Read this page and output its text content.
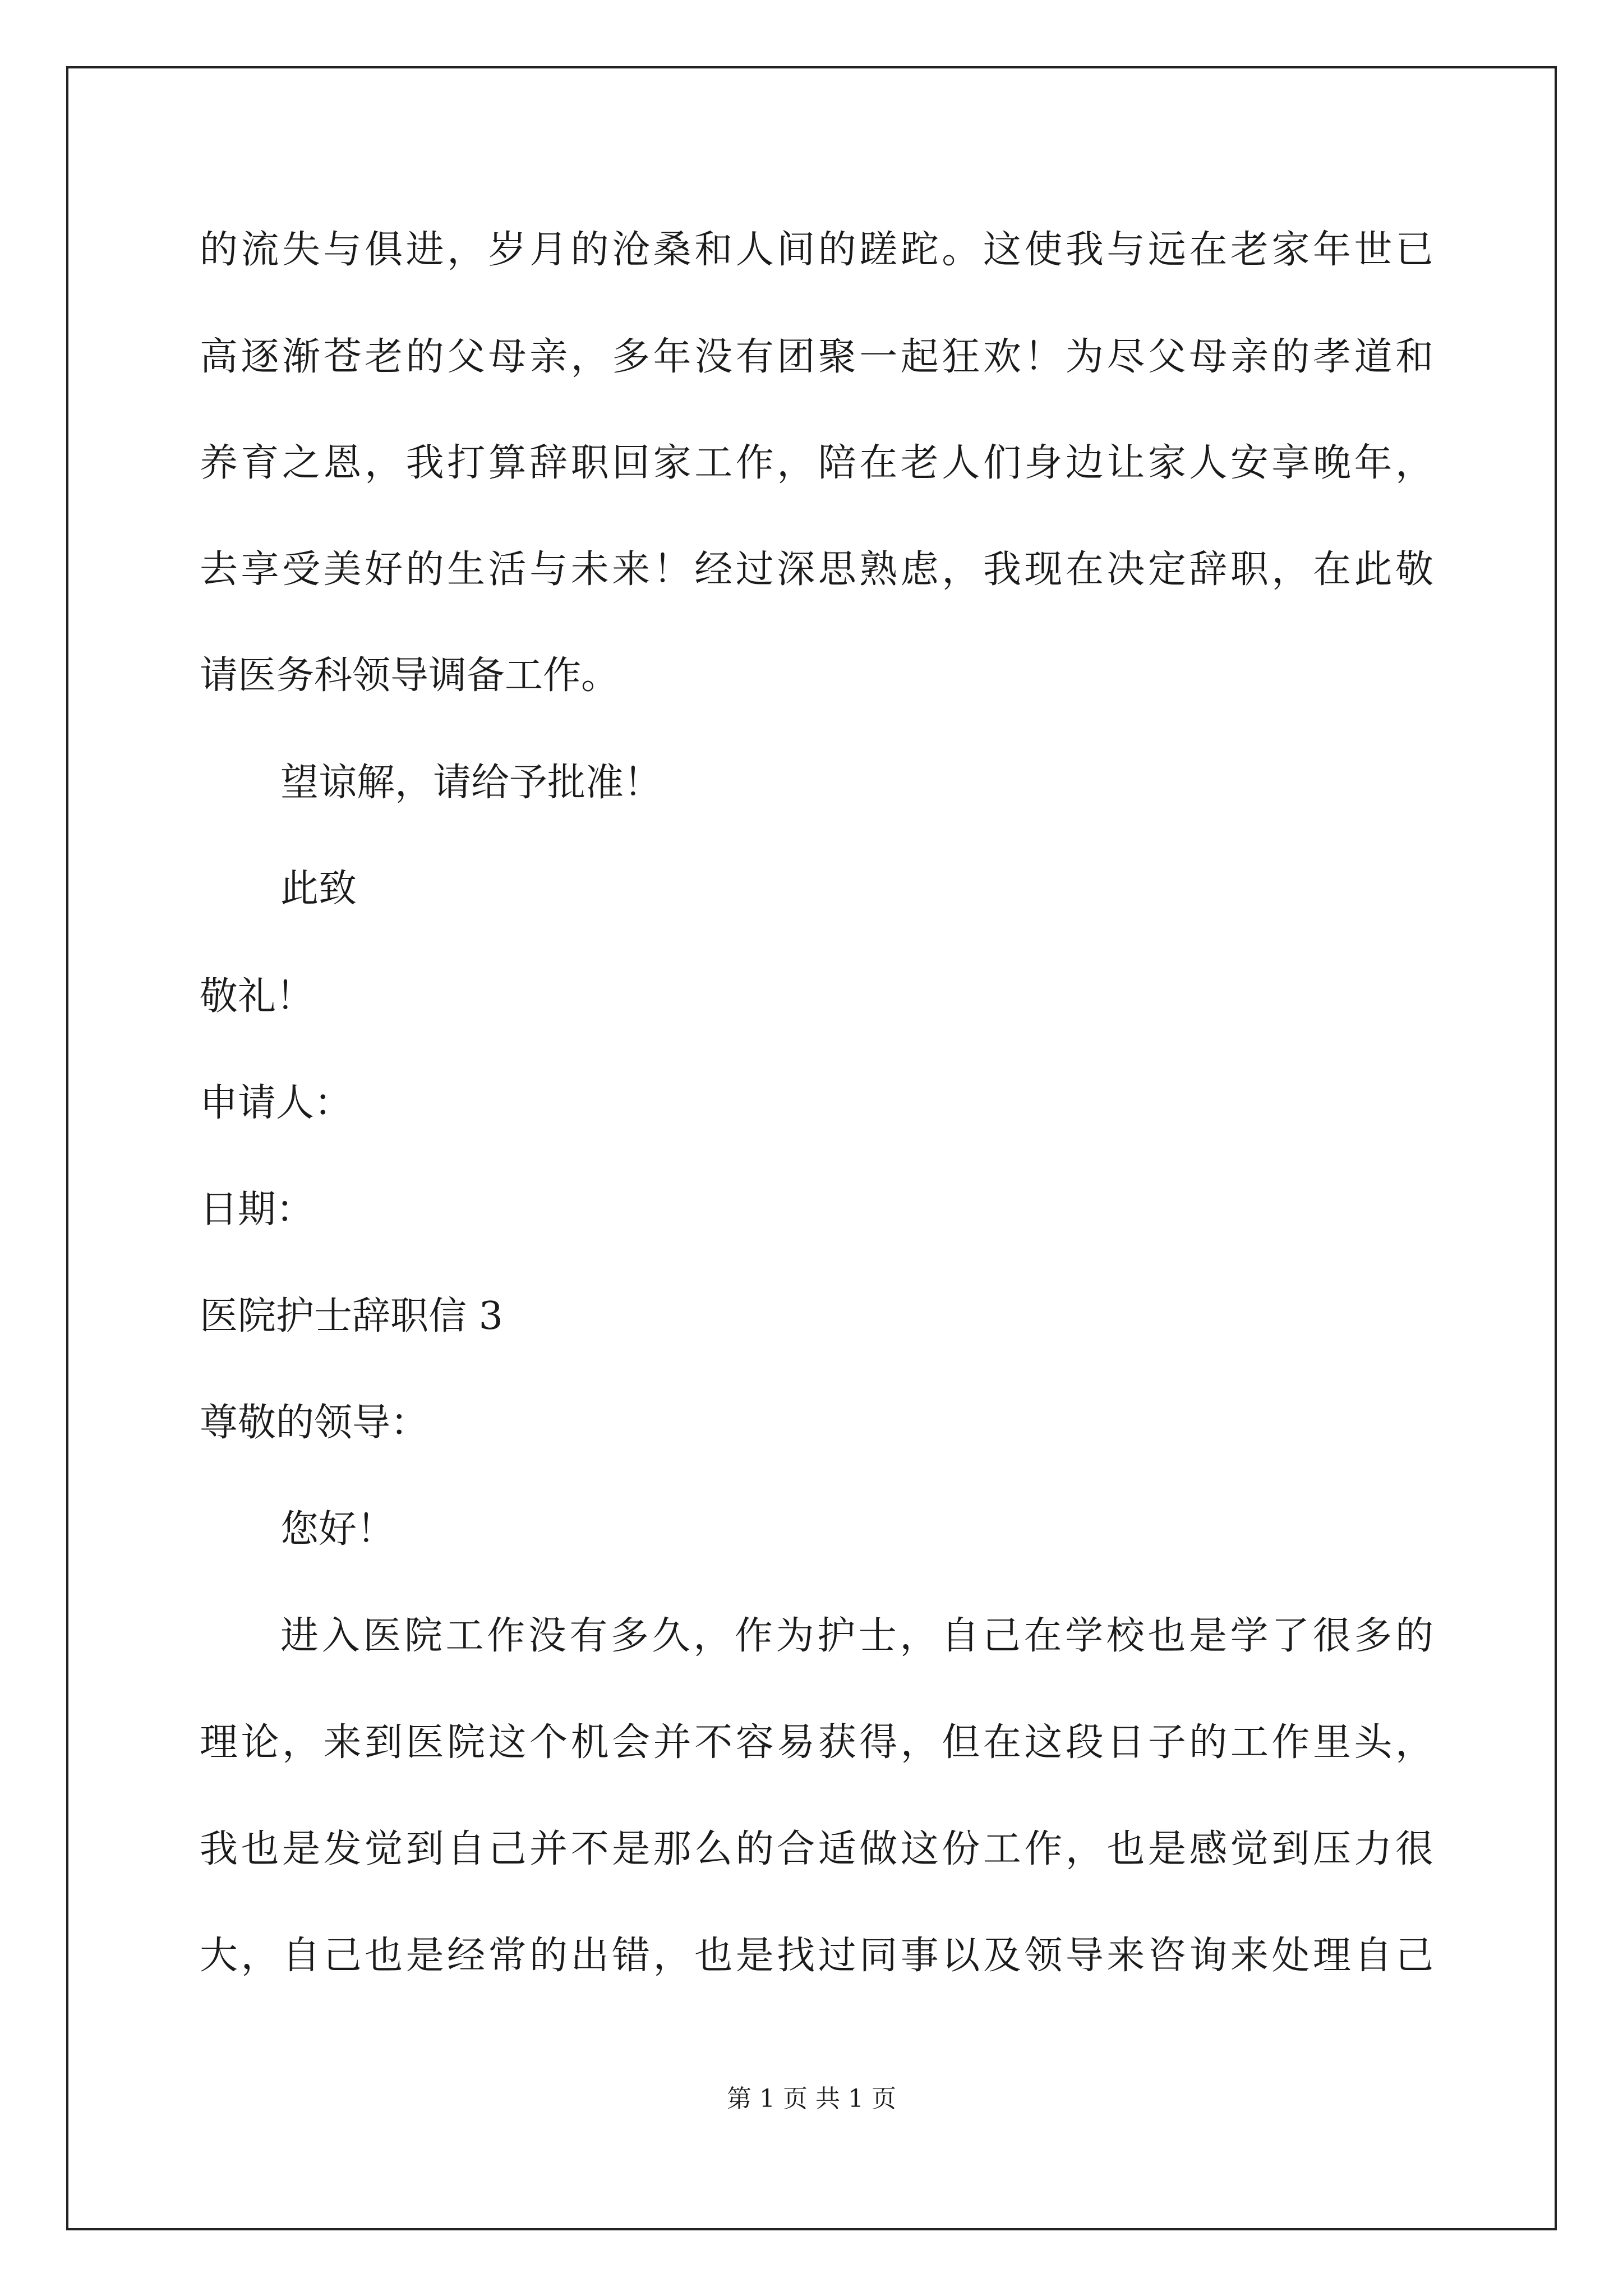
的流失与俱进，岁月的沧桑和人间的蹉跎。这使我与远在老家年世已
高逐渐苍老的父母亲，多年没有团聚一起狂欢！为尽父母亲的孝道和
养育之恩，我打算辞职回家工作，陪在老人们身边让家人安享晚年，
去享受美好的生活与未来！经过深思熟虑，我现在决定辞职，在此敬
请医务科领导调备工作。
望谅解，请给予批准！
此致
敬礼！
申请人：
日期：
医院护士辞职信 3
尊敬的领导：
您好！
进入医院工作没有多久，作为护士，自己在学校也是学了很多的
理论，来到医院这个机会并不容易获得，但在这段日子的工作里头，
我也是发觉到自己并不是那么的合适做这份工作，也是感觉到压力很
大，自己也是经常的出错，也是找过同事以及领导来咨询来处理自己
第 1 页 共 1 页
